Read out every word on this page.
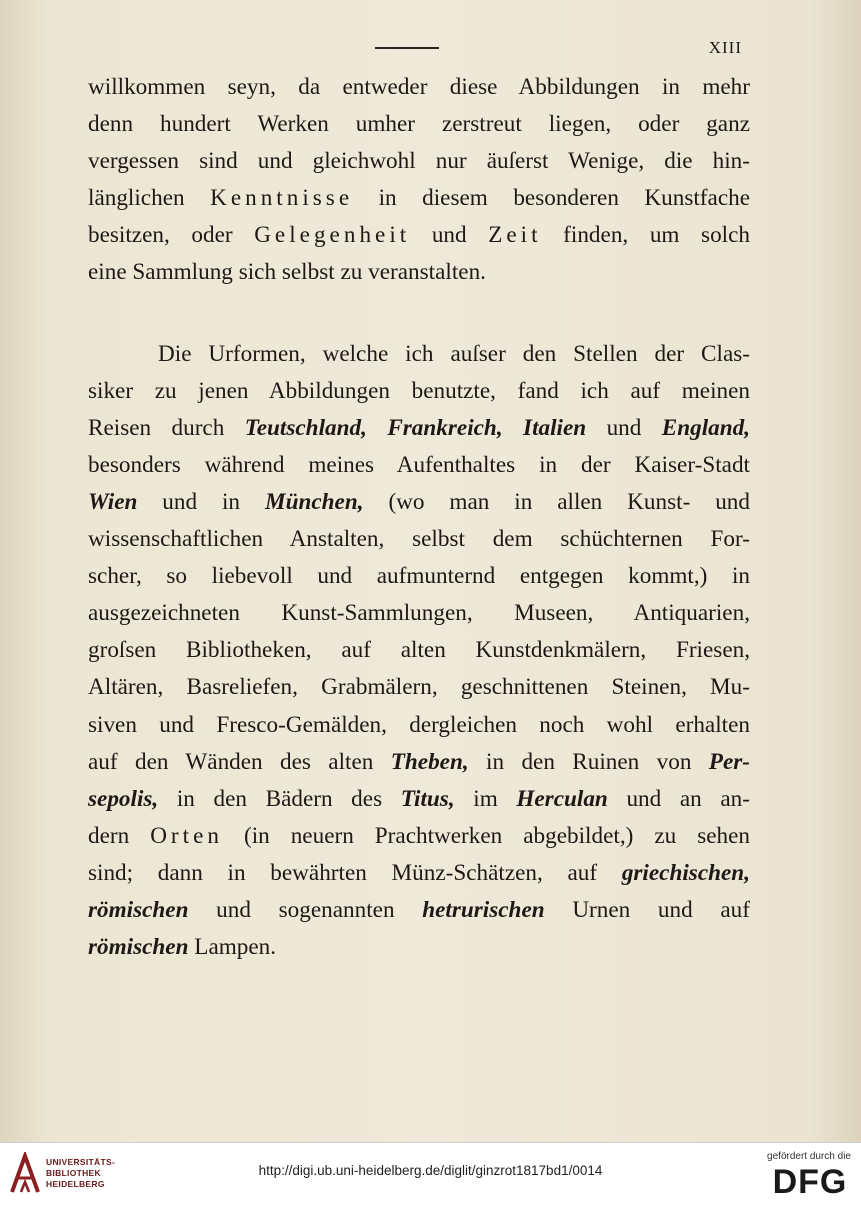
XIII
willkommen seyn, da entweder diese Abbildungen in mehr
denn hundert Werken umher zerstreut liegen, oder ganz
vergessen sind und gleichwohl nur äuſerst Wenige, die hin-
länglichen Kenntnisse in diesem besonderen Kunstfache
besitzen, oder Gelegenheit und Zeit finden, um solch
eine Sammlung sich selbst zu veranstalten.
Die Urformen, welche ich auſser den Stellen der Clas-
siker zu jenen Abbildungen benutzte, fand ich auf meinen
Reisen durch Teutschland, Frankreich, Italien und England,
besonders während meines Aufenthaltes in der Kaiser-Stadt
Wien und in München, (wo man in allen Kunst- und
wissenschaftlichen Anstalten, selbst dem schüchternen For-
scher, so liebevoll und aufmunternd entgegen kommt,) in
ausgezeichneten Kunst-Sammlungen, Museen, Antiquarien,
groſsen Bibliotheken, auf alten Kunstdenkmälern, Friesen,
Altären, Basreliefen, Grabmälern, geschnittenen Steinen, Mu-
siven und Fresco-Gemälden, dergleichen noch wohl erhalten
auf den Wänden des alten Theben, in den Ruinen von Per-
sepolis, in den Bädern des Titus, im Herculan und an an-
dern Orten (in neuern Prachtwerken abgebildet,) zu sehen
sind; dann in bewährten Münz-Schätzen, auf griechischen,
römischen und sogenannten hetrurischen Urnen und auf
römischen Lampen.
UNIVERSITÄTS-
BIBLIOTHEK
HEIDELBERG
http://digi.ub.uni-heidelberg.de/diglit/ginzrot1817bd1/0014
gefördert durch die
DFG
